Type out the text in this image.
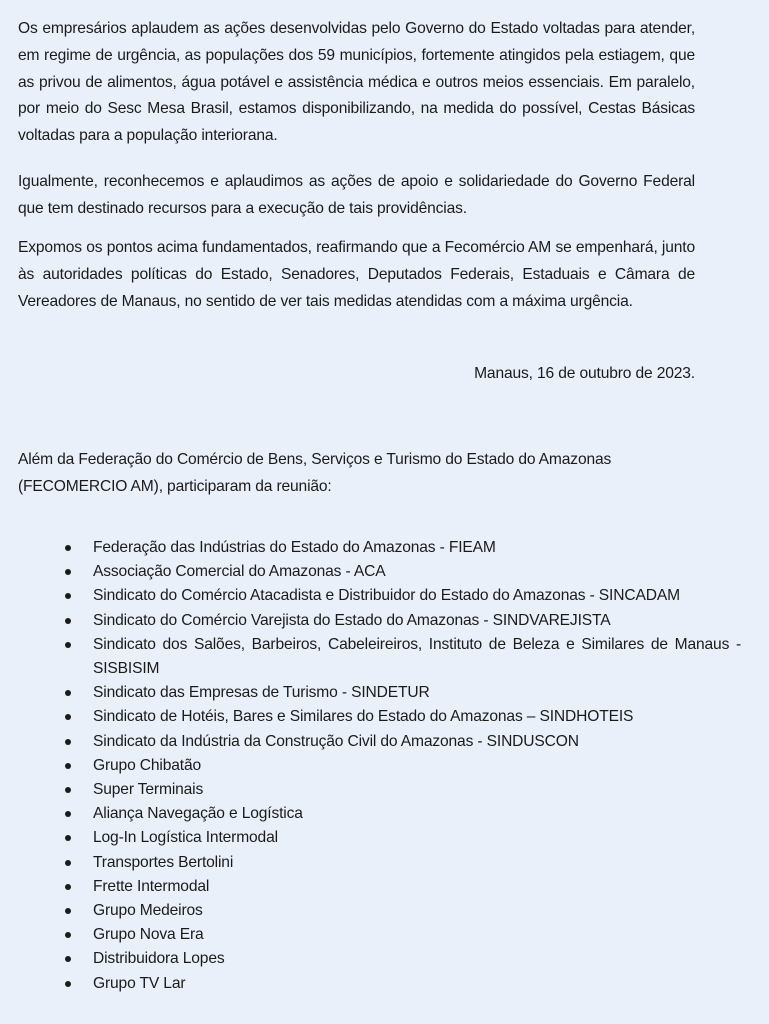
Os empresários aplaudem as ações desenvolvidas pelo Governo do Estado voltadas para atender, em regime de urgência, as populações dos 59 municípios, fortemente atingidos pela estiagem, que as privou de alimentos, água potável e assistência médica e outros meios essenciais. Em paralelo, por meio do Sesc Mesa Brasil, estamos disponibilizando, na medida do possível, Cestas Básicas voltadas para a população interiorana.

Igualmente, reconhecemos e aplaudimos as ações de apoio e solidariedade do Governo Federal que tem destinado recursos para a execução de tais providências.

Expomos os pontos acima fundamentados, reafirmando que a Fecomércio AM se empenhará, junto às autoridades políticas do Estado, Senadores, Deputados Federais, Estaduais e Câmara de Vereadores de Manaus, no sentido de ver tais medidas atendidas com a máxima urgência.

Manaus, 16 de outubro de 2023.

Além da Federação do Comércio de Bens, Serviços e Turismo do Estado do Amazonas (FECOMERCIO AM), participaram da reunião:

Federação das Indústrias do Estado do Amazonas - FIEAM
Associação Comercial do Amazonas - ACA
Sindicato do Comércio Atacadista e Distribuidor do Estado do Amazonas - SINCADAM
Sindicato do Comércio Varejista do Estado do Amazonas - SINDVAREJISTA
Sindicato dos Salões, Barbeiros, Cabeleireiros, Instituto de Beleza e Similares de Manaus - SISBISIM
Sindicato das Empresas de Turismo - SINDETUR
Sindicato de Hotéis, Bares e Similares do Estado do Amazonas – SINDHOTEIS
Sindicato da Indústria da Construção Civil do Amazonas - SINDUSCON
Grupo Chibatão
Super Terminais
Aliança Navegação e Logística
Log-In Logística Intermodal
Transportes Bertolini
Frette Intermodal
Grupo Medeiros
Grupo Nova Era
Distribuidora Lopes
Grupo TV Lar
